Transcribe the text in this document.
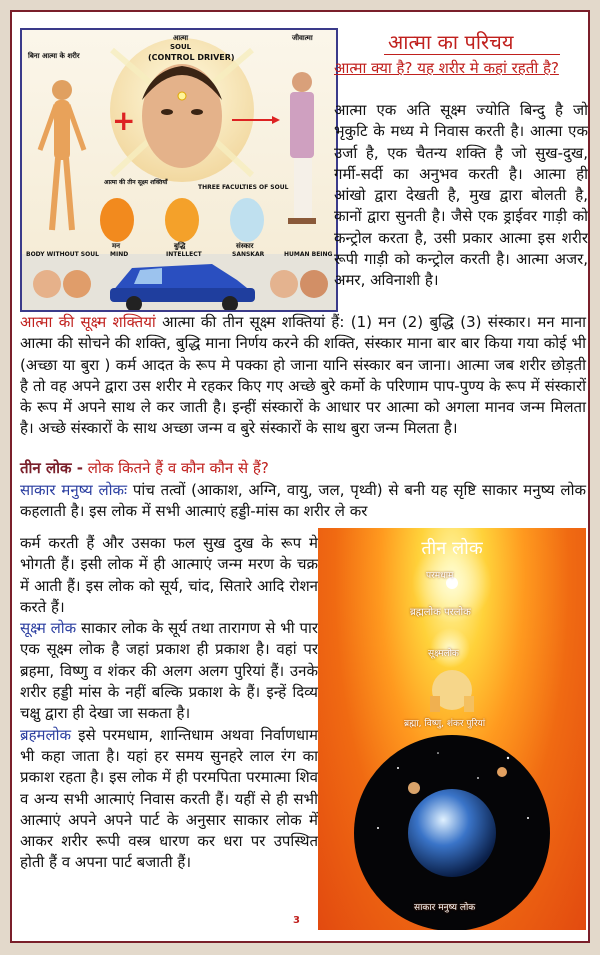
+
बिना आत्मा के शरीर
आत्मा
SOUL
(CONTROL DRIVER)
जीवात्मा
आत्मा की तीन सूक्ष्म शक्तियाँ
THREE FACULTIES OF SOUL
मन	बुद्धि	संस्कार
BODY WITHOUT SOUL MIND	INTELLECT	SANSKAR	HUMAN BEING
आत्मा का परिचय
आत्मा क्या है? यह शरीर मे कहां रहती है?
आत्मा एक अति सूक्ष्म ज्योति बिन्दु है जो भृकुटि के मध्य मे निवास करती है। आत्मा एक उर्जा है, एक चैतन्य शक्ति है जो सुख-दुख, गर्मी-सर्दी का अनुभव करती है। आत्मा ही आंखो द्वारा देखती है, मुख द्वारा बोलती है, कानों द्वारा सुनती है। जैसे एक ड्राईवर गाड़ी को कन्ट्रोल करता है, उसी प्रकार आत्मा इस शरीर रूपी गाड़ी को कन्ट्रोल करती है। आत्मा अजर, अमर, अविनाशी है।
आत्मा की सूक्ष्म शक्तियां आत्मा की तीन सूक्ष्म शक्तियां हैं: (1) मन (2) बुद्धि (3) संस्कार। मन माना आत्मा की सोचने की शक्ति, बुद्धि माना निर्णय करने की शक्ति, संस्कार माना बार बार किया गया कोई भी (अच्छा या बुरा ) कर्म आदत के रूप मे पक्का हो जाना यानि संस्कार बन जाना। आत्मा जब शरीर छोड़ती है तो वह अपने द्वारा उस शरीर मे रहकर किए गए अच्छे बुरे कर्मो के परिणाम पाप-पुण्य के रूप में संस्कारों के रूप में अपने साथ ले कर जाती है। इन्हीं संस्कारों के आधार पर आत्मा को अगला मानव जन्म मिलता है। अच्छे संस्कारों के साथ अच्छा जन्म व बुरे संस्कारों के साथ बुरा जन्म मिलता है।
तीन लोक - लोक कितने हैं व कौन कौन से हैं?
साकार मनुष्य लोकः पांच तत्वों (आकाश, अग्नि, वायु, जल, पृथ्वी) से बनी यह सृष्टि साकार मनुष्य लोक कहलाती है। इस लोक में सभी आत्माएं हड्डी-मांस का शरीर ले कर
कर्म करती हैं और उसका फल सुख दुख के रूप मे भोगती हैं। इसी लोक में ही आत्माएं जन्म मरण के चक्र में आती हैं। इस लोक को सूर्य, चांद, सितारे आदि रोशन करते हैं।
सूक्ष्म लोक साकार लोक के सूर्य तथा तारागण से भी पार एक सूक्ष्म लोक है जहां प्रकाश ही प्रकाश है। वहां पर ब्रहमा, विष्णु व शंकर की अलग अलग पुरियां हैं। उनके शरीर हड्डी मांस के नहीं बल्कि प्रकाश के हैं। इन्हें दिव्य चक्षु द्वारा ही देखा जा सकता है।
ब्रहमलोक इसे परमधाम, शान्तिधाम अथवा निर्वाणधाम भी कहा जाता है। यहां हर समय सुनहरे लाल रंग का प्रकाश रहता है। इस लोक में ही परमपिता परमात्मा शिव व अन्य सभी आत्माएं निवास करती हैं। यहीं से ही सभी आत्माएं अपने अपने पार्ट के अनुसार साकार लोक में आकर शरीर रूपी वस्त्र धारण कर धरा पर उपस्थित होती हैं व अपना पार्ट बजाती हैं।
तीन लोक
परमधाम
ब्रह्मलोक परलोक
सूक्ष्मलोक
ब्रह्मा, विष्णु, शंकर पुरियां
साकार मनुष्य लोक
3
